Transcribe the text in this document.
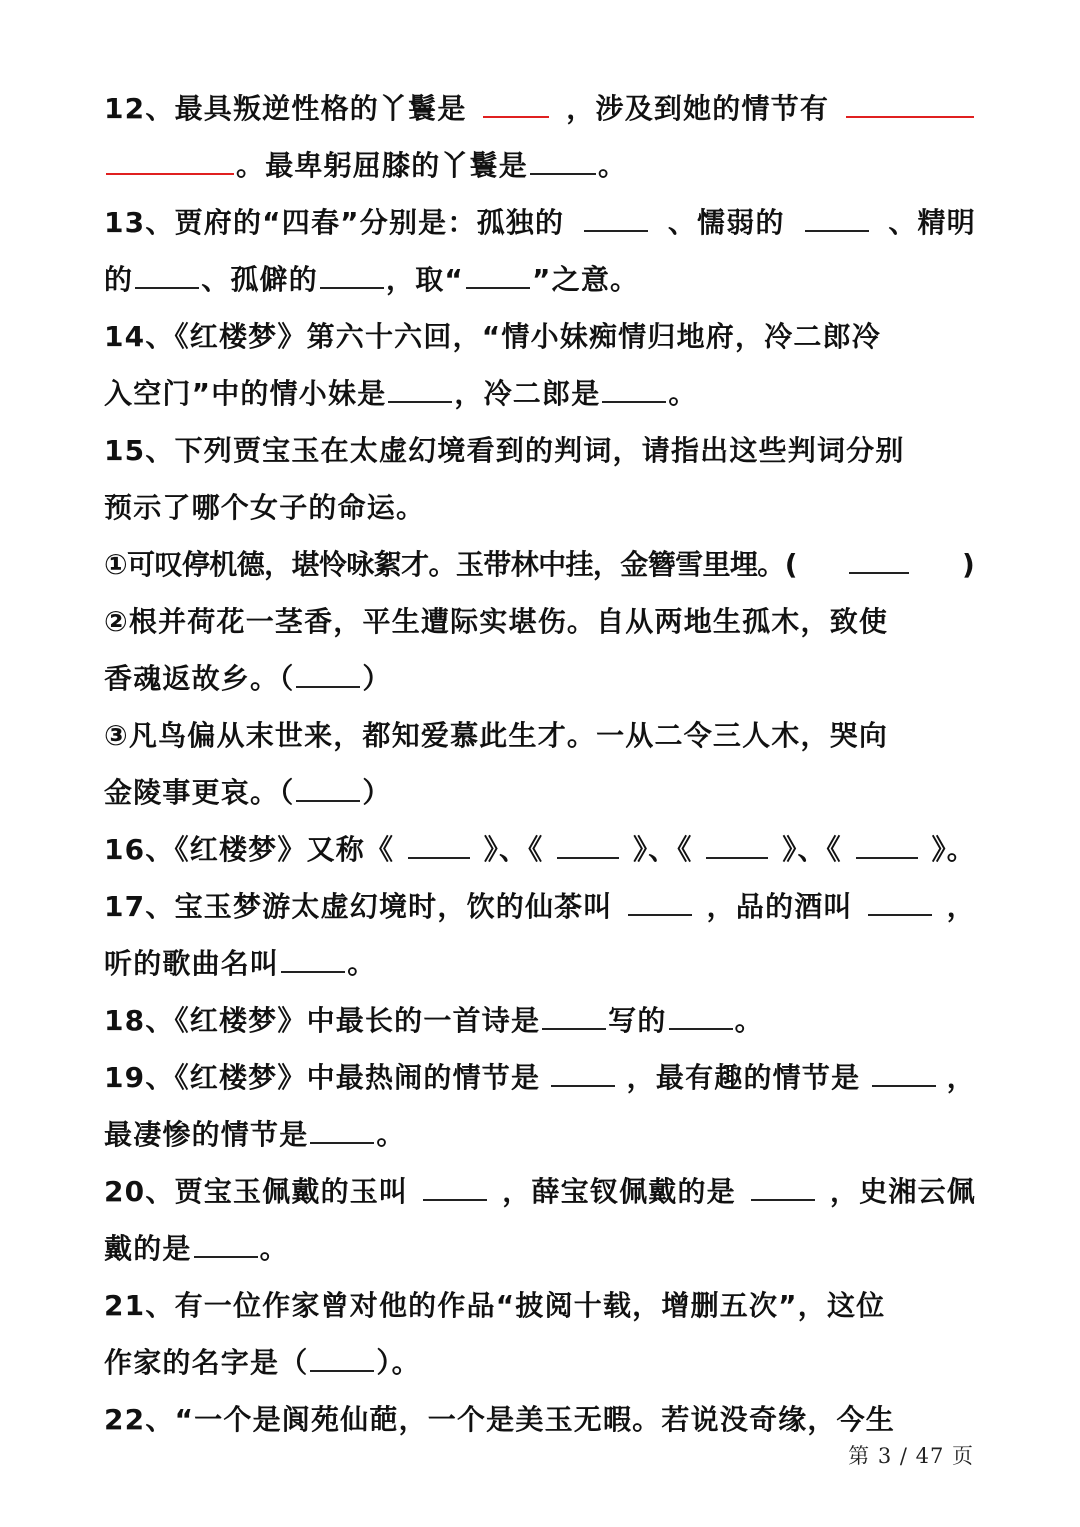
12、最具叛逆性格的丫鬟是	，涉及到她的情节有
。最卑躬屈膝的丫鬟是	。
13、贾府的“四春”分别是：孤独的	、懦弱的	、精明
的 、孤僻的 ，取“ ”之意。
14、《红楼梦》第六十六回，“情小妹痴情归地府，冷二郎冷
入空门”中的情小妹是 ，冷二郎是 。
15、下列贾宝玉在太虚幻境看到的判词，请指出这些判词分别
预示了哪个女子的命运。
①可叹停机德，堪怜咏絮才。玉带林中挂，金簪雪里埋。(	)
②根并荷花一茎香，平生遭际实堪伤。自从两地生孤木，致使
香魂返故乡。（ ）
③凡鸟偏从末世来，都知爱慕此生才。一从二令三人木，哭向
金陵事更哀。（ ）
16、《红楼梦》又称《	》、《	》、《	》、《	》。
17、宝玉梦游太虚幻境时，饮的仙茶叫	，品的酒叫	，
听的歌曲名叫 。
18、《红楼梦》中最长的一首诗是 写的 。
19、《红楼梦》中最热闹的情节是	，最有趣的情节是	，
最凄惨的情节是 。
20、贾宝玉佩戴的玉叫	，薛宝钗佩戴的是	，史湘云佩
戴的是 。
21、有一位作家曾对他的作品“披阅十载，增删五次”，这位
作家的名字是（ ）。
22、“一个是阆苑仙葩，一个是美玉无暇。若说没奇缘，今生
第 3 / 47 页
